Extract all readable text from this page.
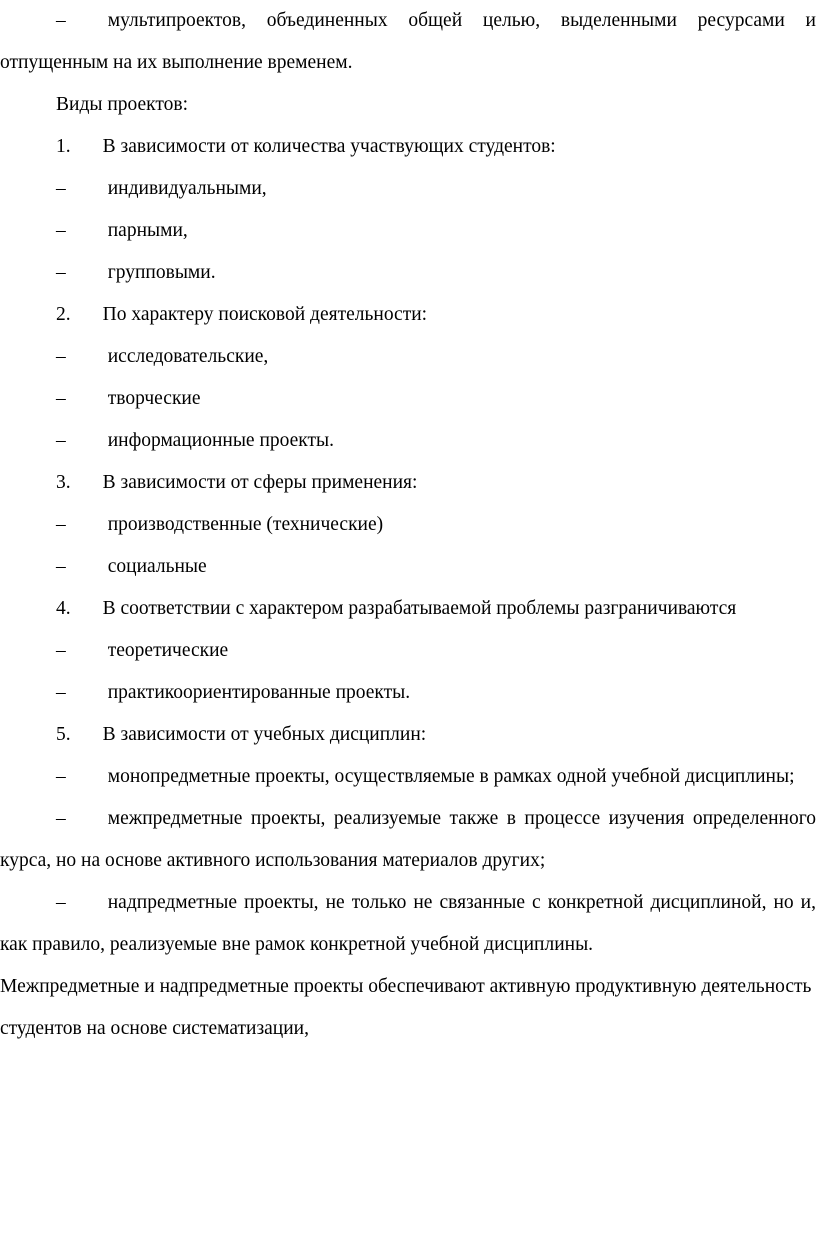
– мультипроектов, объединенных общей целью, выделенными ресурсами и отпущенным на их выполнение временем.

Виды проектов:

1. В зависимости от количества участвующих студентов:

– индивидуальными,

– парными,

– групповыми.

2. По характеру поисковой деятельности:

– исследовательские,

– творческие

– информационные проекты.

3. В зависимости от сферы применения:

– производственные (технические)

– социальные

4. В соответствии с характером разрабатываемой проблемы разграничиваются

– теоретические

– практикоориентированные проекты.

5. В зависимости от учебных дисциплин:

– монопредметные проекты, осуществляемые в рамках одной учебной дисциплины;

– межпредметные проекты, реализуемые также в процессе изучения определенного курса, но на основе активного использования материалов других;

– надпредметные проекты, не только не связанные с конкретной дисциплиной, но и, как правило, реализуемые вне рамок конкретной учебной дисциплины.

Межпредметные и надпредметные проекты обеспечивают активную продуктивную деятельность студентов на основе систематизации,
